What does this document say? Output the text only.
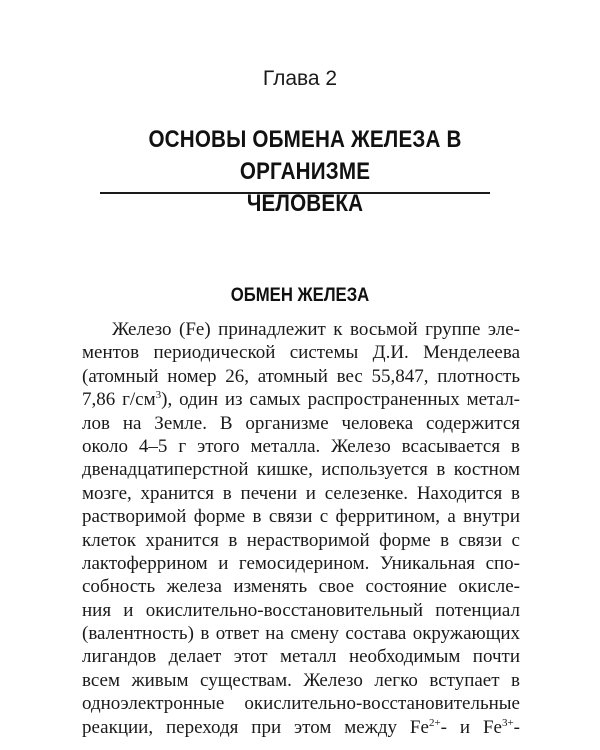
Глава 2
ОСНОВЫ ОБМЕНА ЖЕЛЕЗА В ОРГАНИЗМЕ
ЧЕЛОВЕКА
ОБМЕН ЖЕЛЕЗА
Железо (Fe) принадлежит к восьмой группе эле-
ментов периодической системы Д.И. Менделеева
(атомный номер 26, атомный вес 55,847, плотность
7,86 $г/см^3$), один из самых распространенных метал-
лов на Земле. В организме человека содержится
около 4–5 г этого металла. Железо всасывается в
двенадцатиперстной кишке, используется в костном
мозге, хранится в печени и селезенке. Находится в
растворимой форме в связи с ферритином, а внутри
клеток хранится в нерастворимой форме в связи с
лактоферрином и гемосидерином. Уникальная спо-
собность железа изменять свое состояние окисле-
ния и окислительно-восстановительный потенциал
(валентность) в ответ на смену состава окружающих
лигандов делает этот металл необходимым почти
всем живым существам. Железо легко вступает в
одноэлектронные окислительно-восстановительные
реакции, переходя при этом между $Fe^{2+}-$ и $Fe^{3+}-$
